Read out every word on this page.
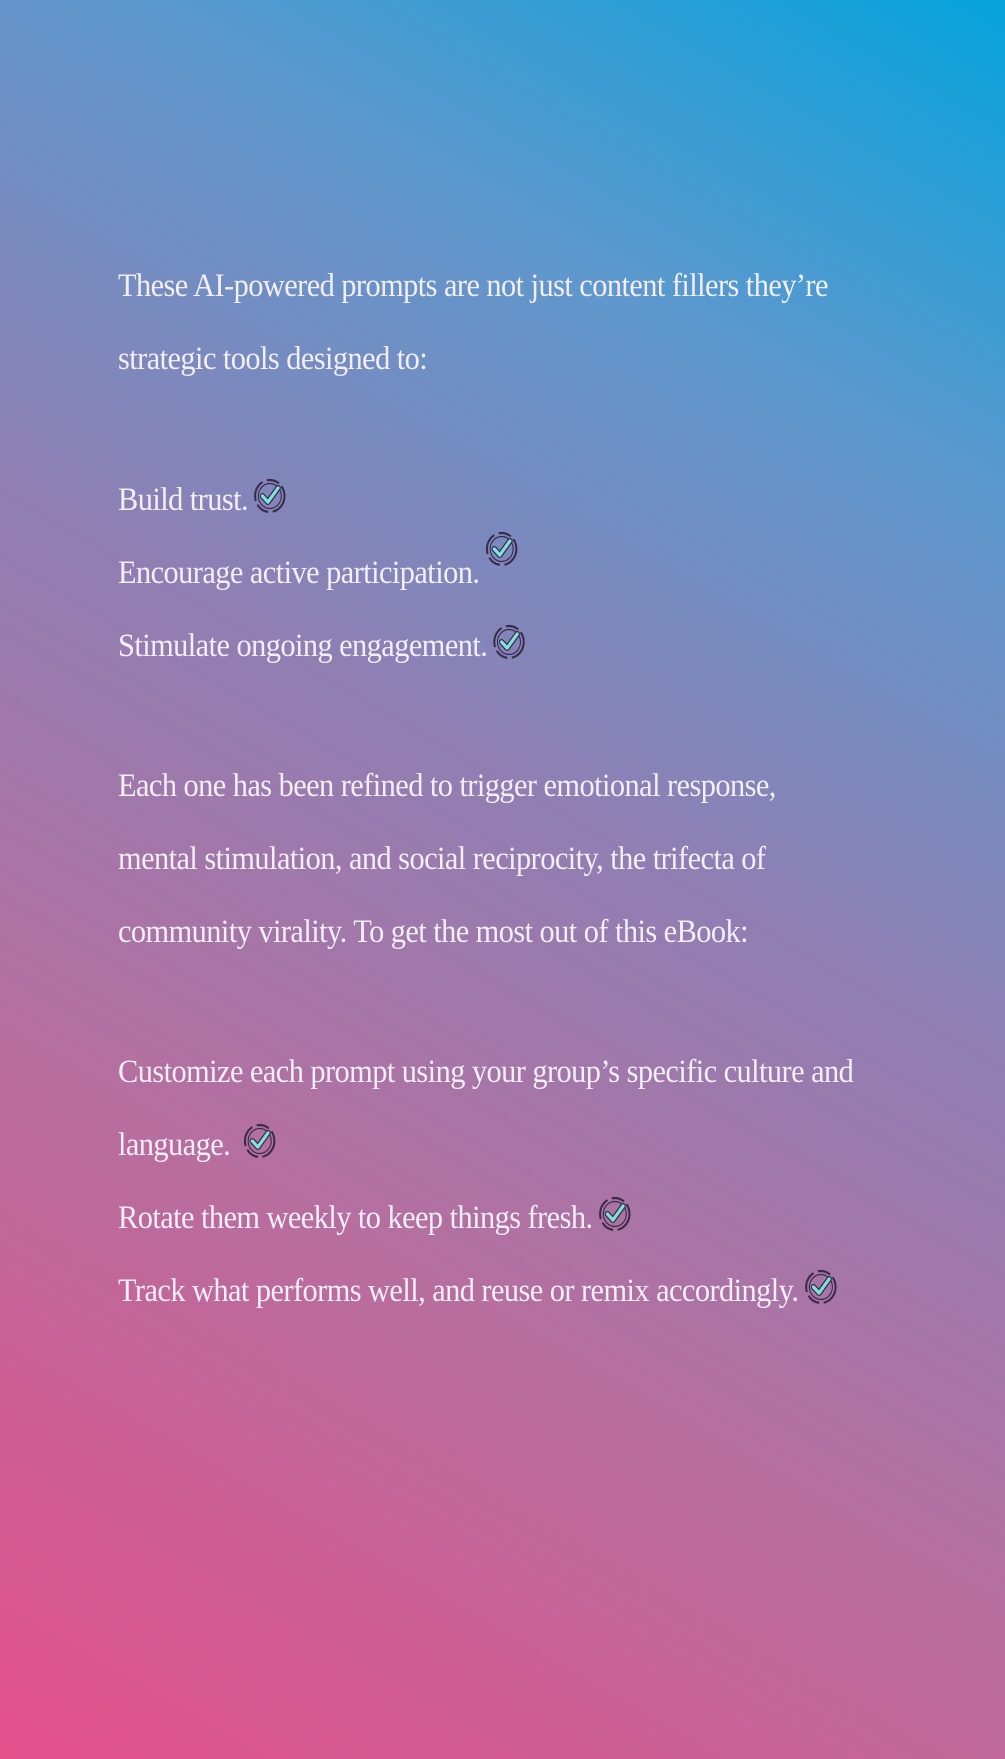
These AI-powered prompts are not just content fillers they’re strategic tools designed to:

Build trust.
Encourage active participation.
Stimulate ongoing engagement.

Each one has been refined to trigger emotional response, mental stimulation, and social reciprocity, the trifecta of community virality. To get the most out of this eBook:

Customize each prompt using your group’s specific culture and
language.
Rotate them weekly to keep things fresh.
Track what performs well, and reuse or remix accordingly.
